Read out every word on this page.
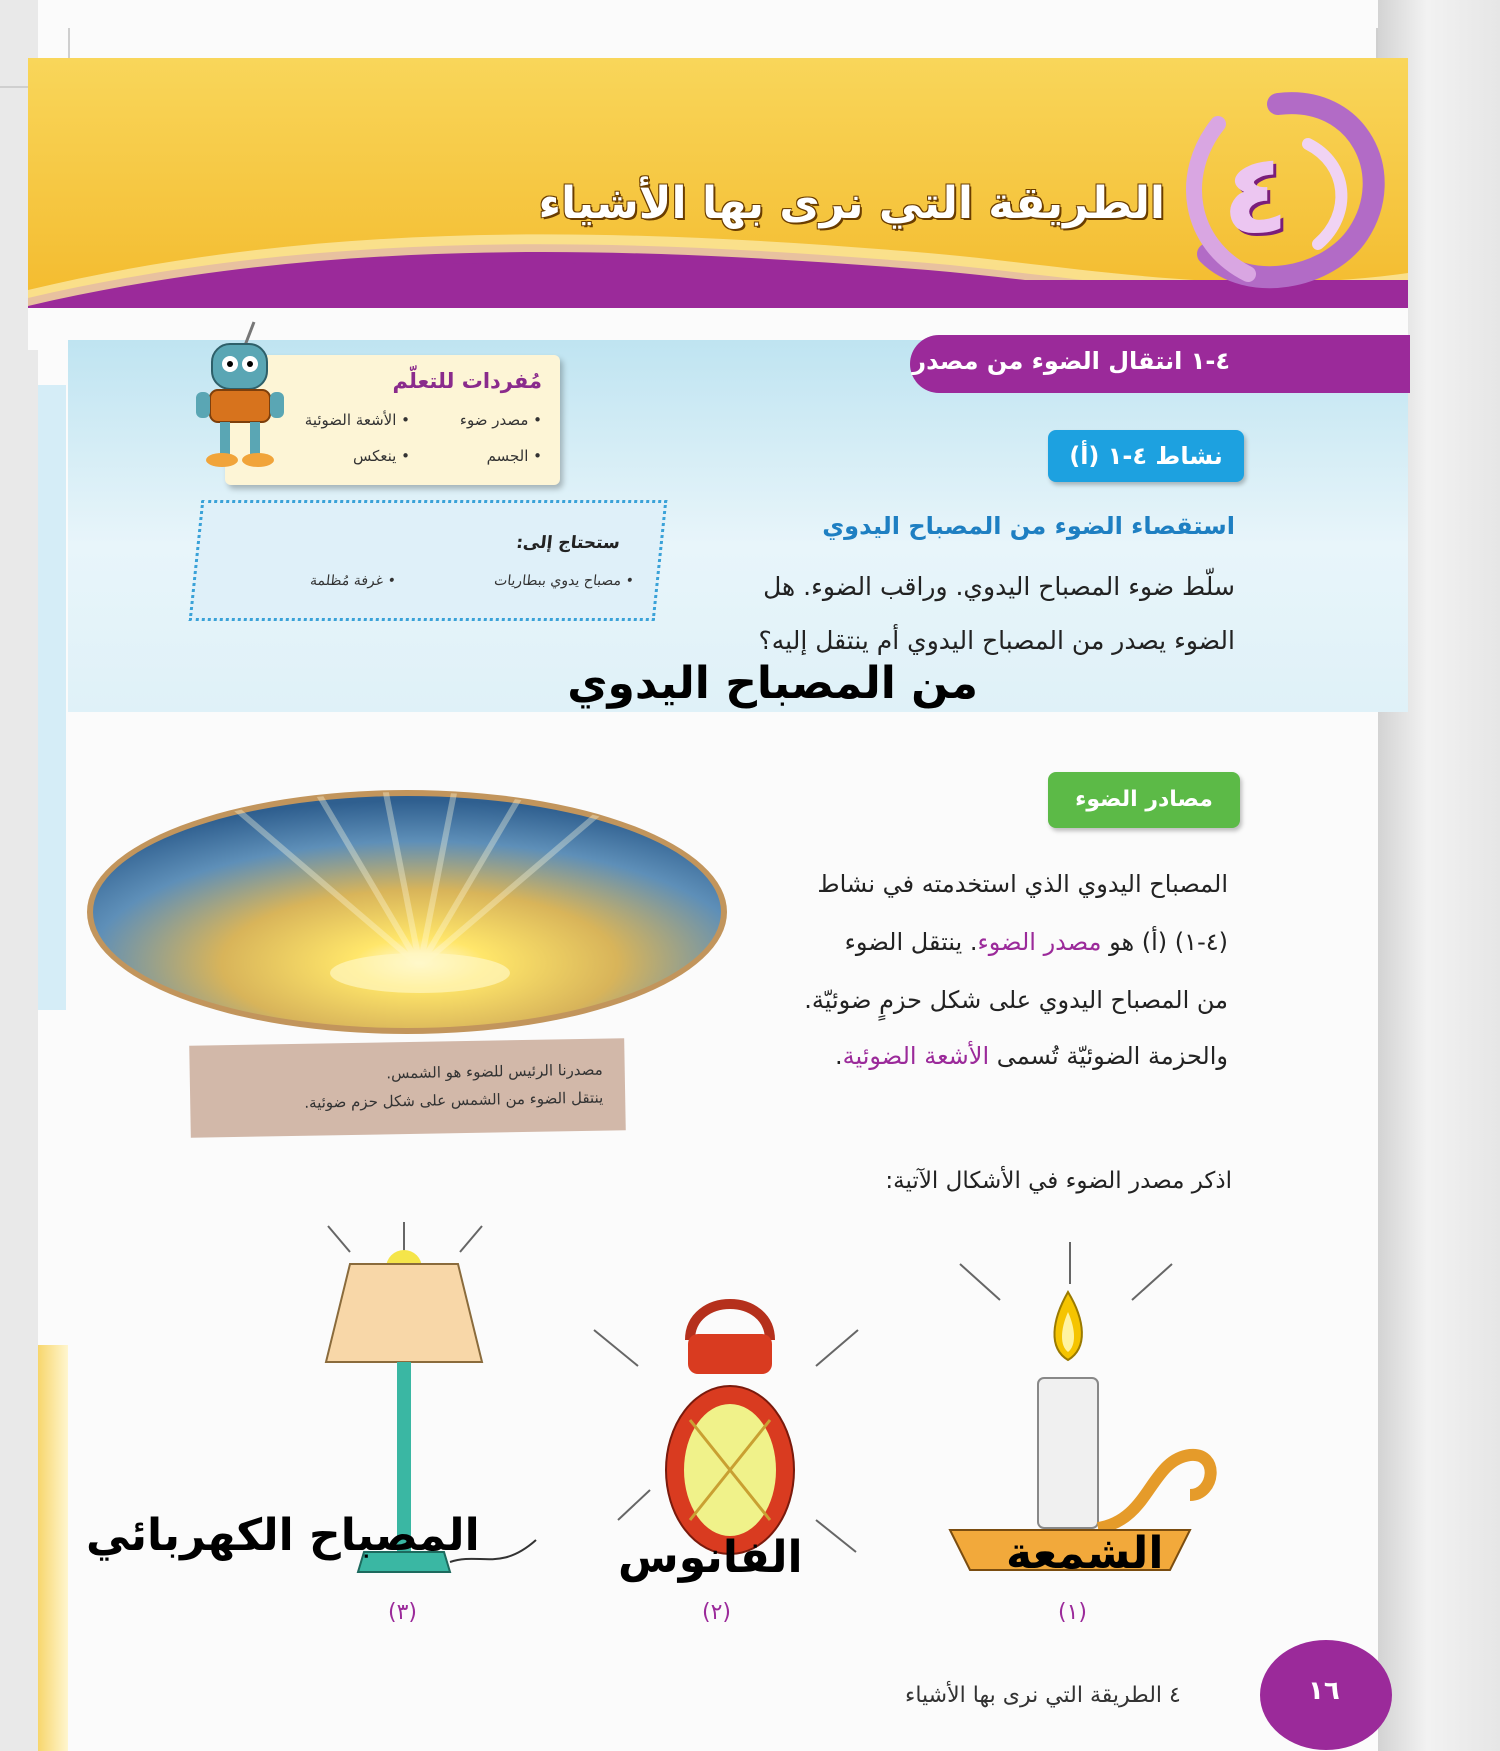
٤
الطريقة التي نرى بها الأشياء
٤-١ انتقال الضوء من مصدر
مُفردات للتعلّم
• مصدر ضوء
• الأشعة الضوئية
• الجسم
• ينعكس
ستحتاج إلى:
• مصباح يدوي ببطاريات
• غرفة مُظلمة
نشاط ٤-١ (أ)
استقصاء الضوء من المصباح اليدوي
سلّط ضوء المصباح اليدوي. وراقب الضوء. هل
الضوء يصدر من المصباح اليدوي أم ينتقل إليه؟
من المصباح اليدوي
مصادر الضوء
المصباح اليدوي الذي استخدمته في نشاط
(٤-١) (أ) هو مصدر الضوء. ينتقل الضوء
من المصباح اليدوي على شكل حزمٍ ضوئيّة.
والحزمة الضوئيّة تُسمى الأشعة الضوئية.
مصدرنا الرئيس للضوء هو الشمس.
ينتقل الضوء من الشمس على شكل حزم ضوئية.
اذكر مصدر الضوء في الأشكال الآتية:
الشمعة
(١)
الفانوس
(٢)
المصباح الكهربائي
(٣)
٤ الطريقة التي نرى بها الأشياء	١٦
